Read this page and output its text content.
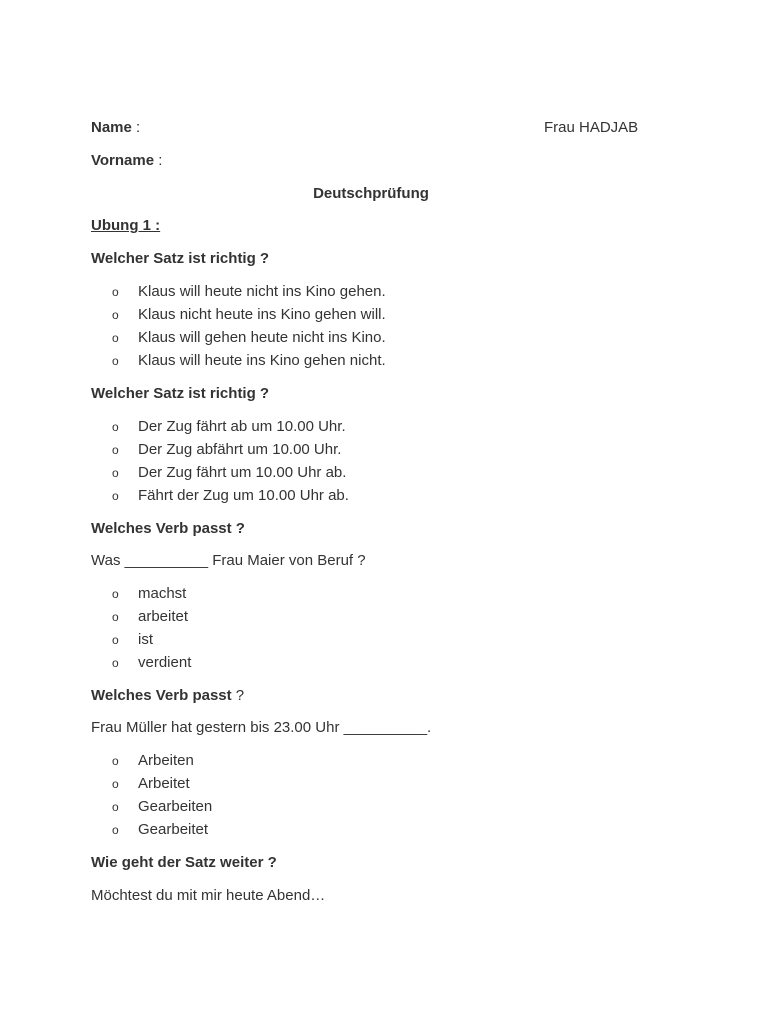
Name :	Frau HADJAB
Vorname :
Deutschprüfung
Ubung 1 :
Welcher Satz ist richtig ?
o Klaus will heute nicht ins Kino gehen.
o Klaus nicht heute ins Kino gehen will.
o Klaus will gehen heute nicht ins Kino.
o Klaus will heute ins Kino gehen nicht.
Welcher Satz ist richtig ?
o Der Zug fährt ab um 10.00 Uhr.
o Der Zug abfährt um 10.00 Uhr.
o Der Zug fährt um 10.00 Uhr ab.
o Fährt der Zug um 10.00 Uhr ab.
Welches Verb passt ?
Was __________ Frau Maier von Beruf ?
o machst
o arbeitet
o ist
o verdient
Welches Verb passt ?
Frau Müller hat gestern bis 23.00 Uhr __________.
o Arbeiten
o Arbeitet
o Gearbeiten
o Gearbeitet
Wie geht der Satz weiter ?
Möchtest du mit mir heute Abend…
